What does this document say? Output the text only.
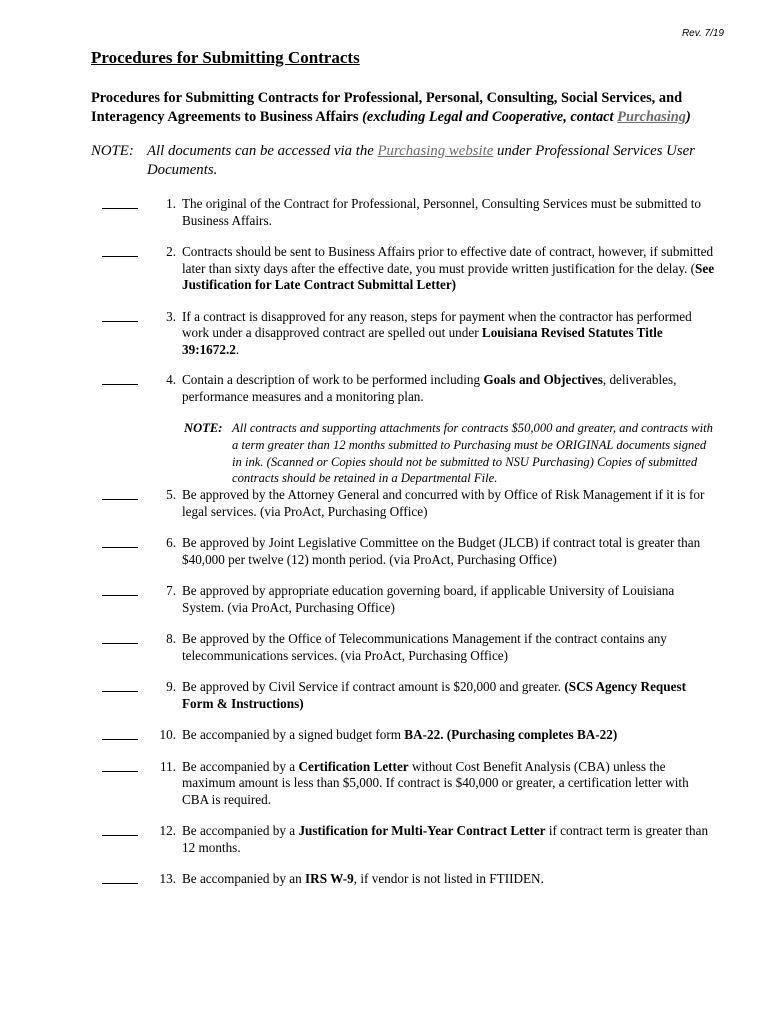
Rev. 7/19
Procedures for Submitting Contracts

Procedures for Submitting Contracts for Professional, Personal, Consulting, Social Services, and Interagency Agreements to Business Affairs (excluding Legal and Cooperative, contact Purchasing)

NOTE: All documents can be accessed via the Purchasing website under Professional Services User Documents.
1. The original of the Contract for Professional, Personnel, Consulting Services must be submitted to Business Affairs.
2. Contracts should be sent to Business Affairs prior to effective date of contract, however, if submitted later than sixty days after the effective date, you must provide written justification for the delay. (See Justification for Late Contract Submittal Letter)
3. If a contract is disapproved for any reason, steps for payment when the contractor has performed work under a disapproved contract are spelled out under Louisiana Revised Statutes Title 39:1672.2.
4. Contain a description of work to be performed including Goals and Objectives, deliverables, performance measures and a monitoring plan.
NOTE: All contracts and supporting attachments for contracts $50,000 and greater, and contracts with a term greater than 12 months submitted to Purchasing must be ORIGINAL documents signed in ink. (Scanned or Copies should not be submitted to NSU Purchasing) Copies of submitted contracts should be retained in a Departmental File.
5. Be approved by the Attorney General and concurred with by Office of Risk Management if it is for legal services. (via ProAct, Purchasing Office)
6. Be approved by Joint Legislative Committee on the Budget (JLCB) if contract total is greater than $40,000 per twelve (12) month period. (via ProAct, Purchasing Office)
7. Be approved by appropriate education governing board, if applicable University of Louisiana System. (via ProAct, Purchasing Office)
8. Be approved by the Office of Telecommunications Management if the contract contains any telecommunications services. (via ProAct, Purchasing Office)
9. Be approved by Civil Service if contract amount is $20,000 and greater. (SCS Agency Request Form & Instructions)
10. Be accompanied by a signed budget form BA-22. (Purchasing completes BA-22)
11. Be accompanied by a Certification Letter without Cost Benefit Analysis (CBA) unless the maximum amount is less than $5,000. If contract is $40,000 or greater, a certification letter with CBA is required.
12. Be accompanied by a Justification for Multi-Year Contract Letter if contract term is greater than 12 months.
13. Be accompanied by an IRS W-9, if vendor is not listed in FTIIDEN.
